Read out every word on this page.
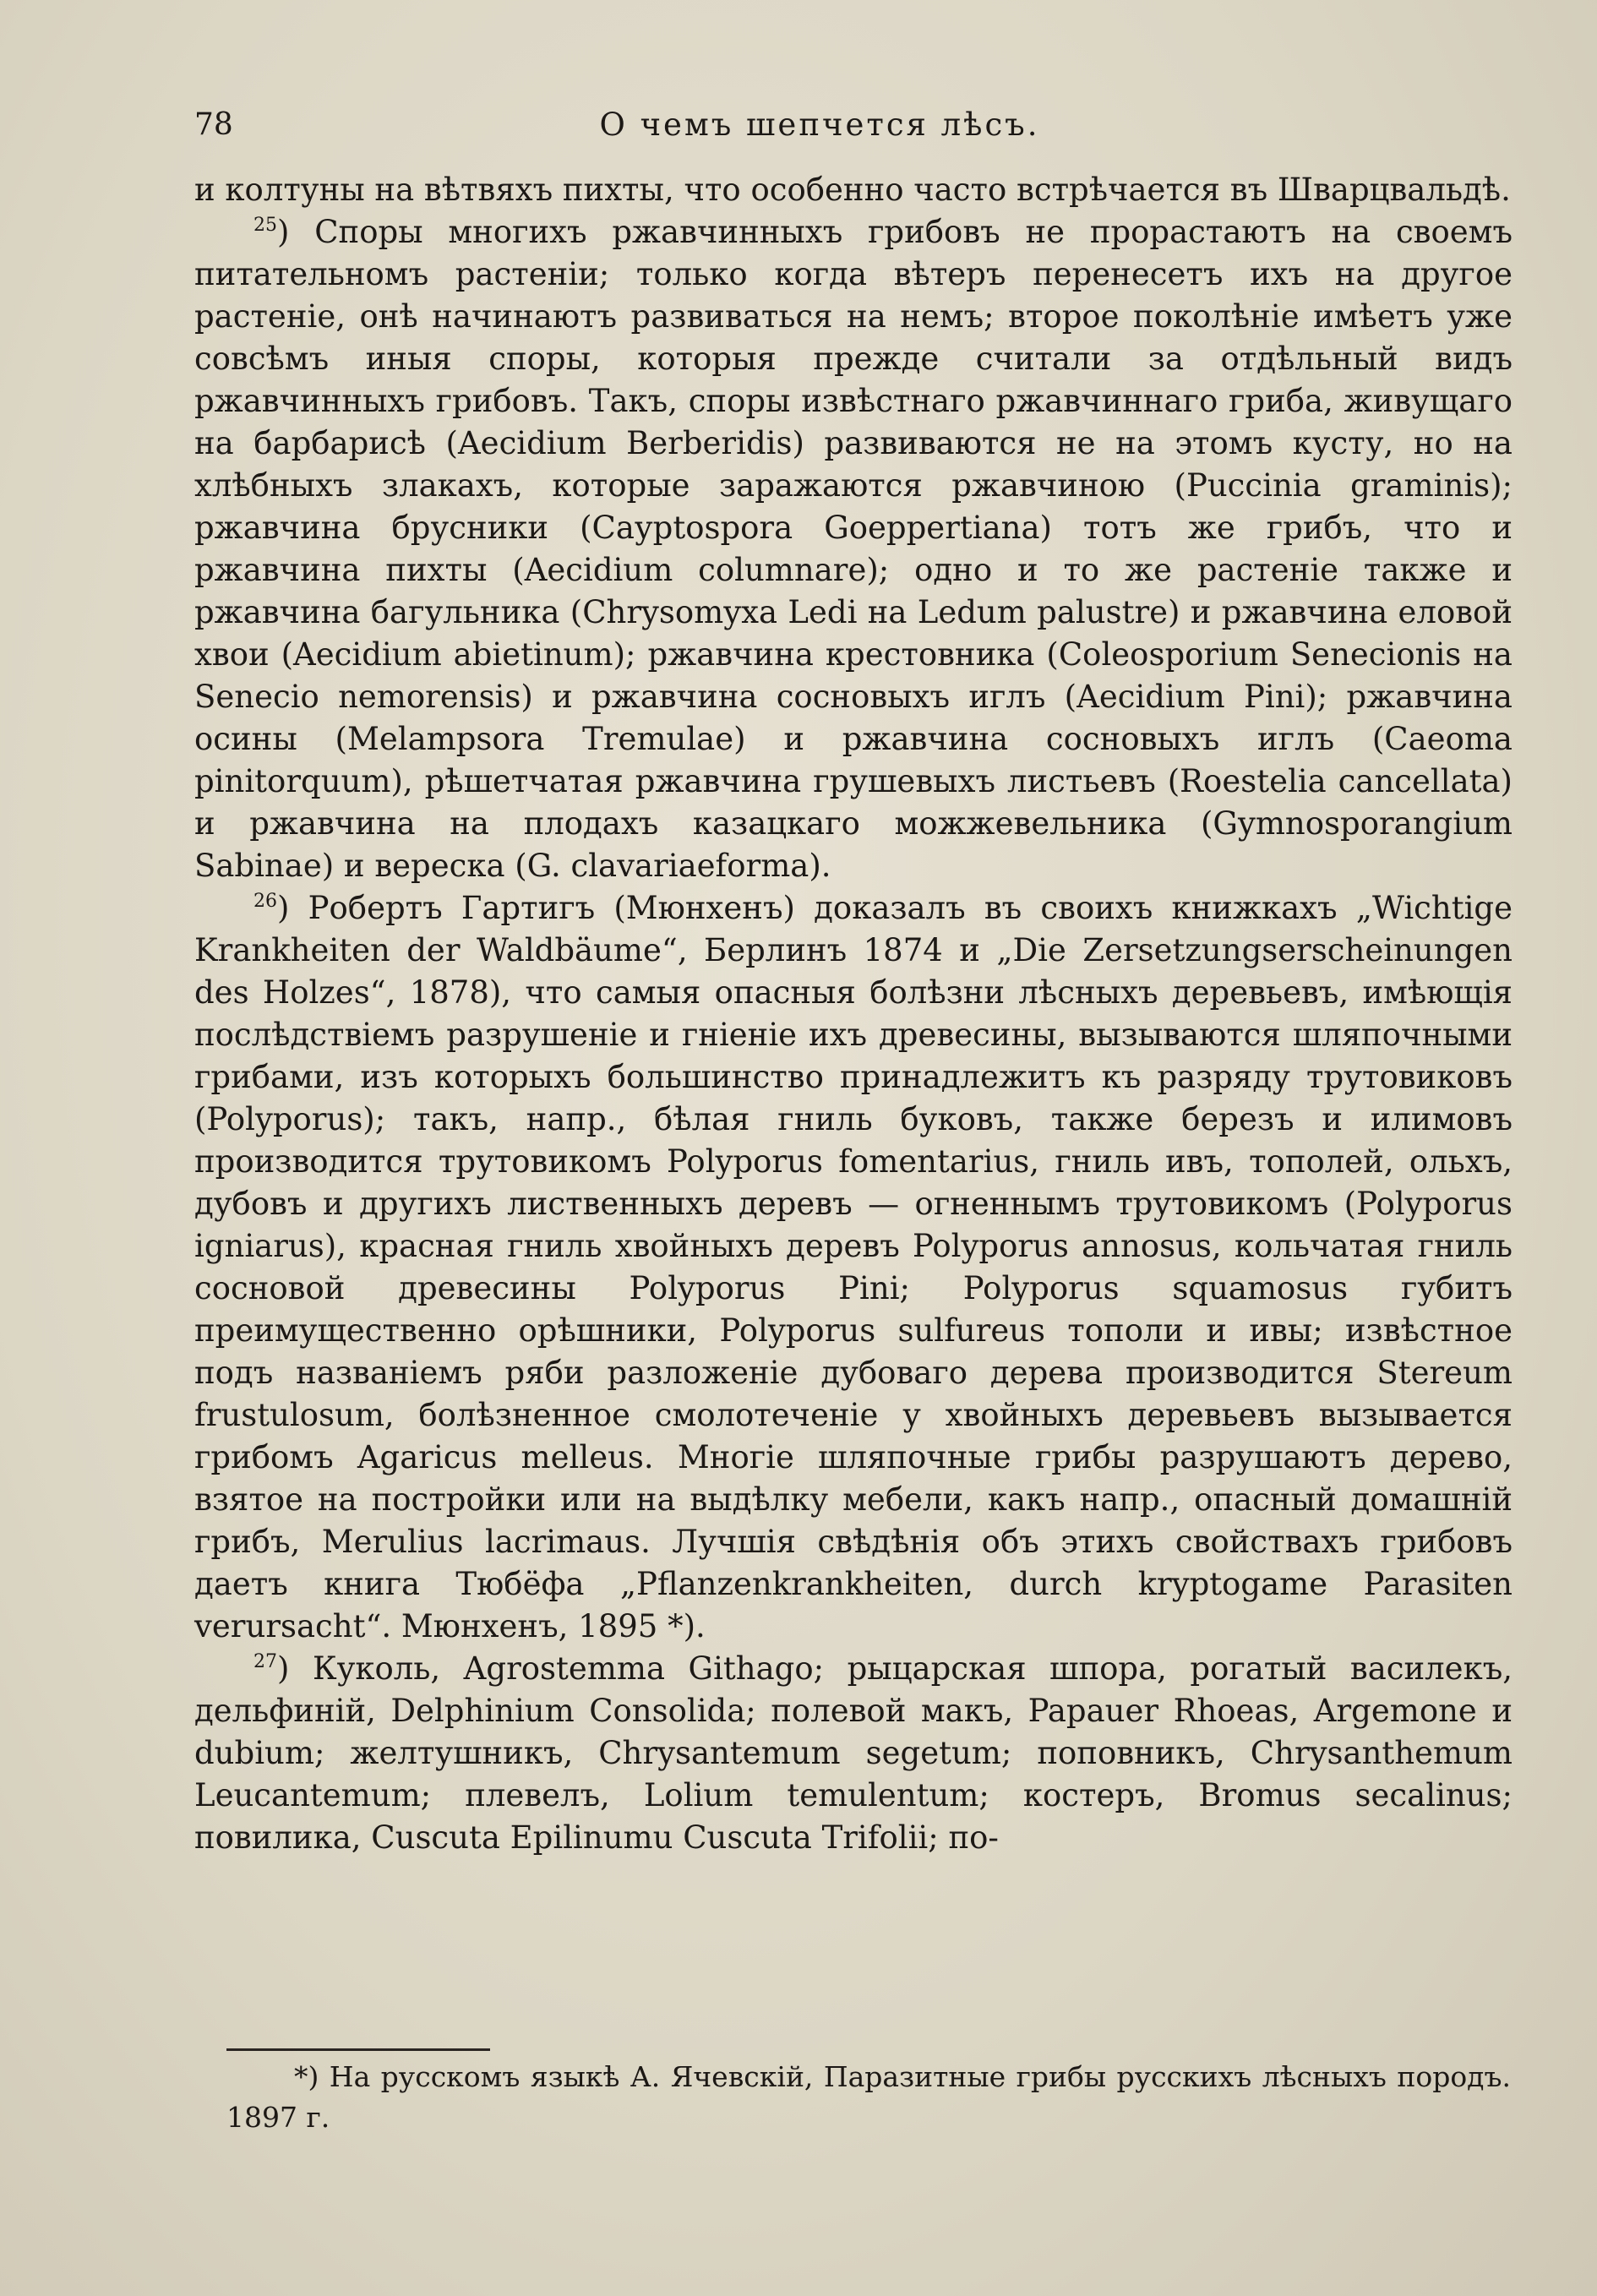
78	О чемъ шепчется лѣсъ.

и колтуны на вѣтвяхъ пихты, что особенно часто встрѣчается въ Шварцвальдѣ.

$^{25}$) Споры многихъ ржавчинныхъ грибовъ не прорастаютъ на своемъ питательномъ растенiи; только когда вѣтеръ перенесетъ ихъ на другое растенiе, онѣ начинаютъ развиваться на немъ; второе поколѣнiе имѣетъ уже совсѣмъ иныя споры, которыя прежде считали за отдѣльный видъ ржавчинныхъ грибовъ. Такъ, споры извѣстнаго ржавчиннаго гриба, живущаго на барбарисѣ (Aecidium Berberidis) развиваются не на этомъ кусту, но на хлѣбныхъ злакахъ, которые заражаются ржавчиною (Puccinia graminis); ржавчина брусники (Caуptospora Goeppertiana) тотъ же грибъ, что и ржавчина пихты (Aecidium columnare); одно и то же растенiе также и ржавчина багульника (Chrysomyxa Ledi на Ledum palustre) и ржавчина еловой хвои (Aecidium abietinum); ржавчина крестовника (Coleosporium Senecionis на Senecio nemorensis) и ржавчина сосновыхъ иглъ (Aecidium Pini); ржавчина осины (Melampsora Tremulae) и ржавчина сосновыхъ иглъ (Caeoma pinitorquum), рѣшетчатая ржавчина грушевыхъ листьевъ (Roestelia cancellata) и ржавчина на плодахъ казацкаго можжевельника (Gymnosporangium Sabinae) и вереска (G. clavariaeforma).

$^{26}$) Робертъ Гартигъ (Мюнхенъ) доказалъ въ своихъ книжкахъ „Wichtige Krankheiten der Waldbäume“, Берлинъ 1874 и „Die Zersetzungserscheinungen des Holzes“, 1878), что самыя опасныя болѣзни лѣсныхъ деревьевъ, имѣющiя послѣдствiемъ разрушенiе и гнiенiе ихъ древесины, вызываются шляпочными грибами, изъ которыхъ большинство принадлежитъ къ разряду трутовиковъ (Polyporus); такъ, напр., бѣлая гниль буковъ, также березъ и илимовъ производится трутовикомъ Polyporus fomentarius, гниль ивъ, тополей, ольхъ, дубовъ и другихъ лиственныхъ деревъ — огненнымъ трутовикомъ (Polyporus igniarus), красная гниль хвойныхъ деревъ Polyporus annosus, кольчатая гниль сосновой древесины Polyporus Pini; Polyporus squamosus губитъ преимущественно орѣшники, Polyporus sulfureus тополи и ивы; извѣстное подъ названiемъ ряби разложенiе дубоваго дерева производится Stereum frustulosum, болѣзненное смолотеченiе у хвойныхъ деревьевъ вызывается грибомъ Agaricus melleus. Многiе шляпочные грибы разрушаютъ дерево, взятое на постройки или на выдѣлку мебели, какъ напр., опасный домашнiй грибъ, Merulius lacrimaus. Лучшiя свѣдѣнiя объ этихъ свойствахъ грибовъ даетъ книга Тюбёфа „Pflanzenkrankheiten, durch kryptogame Parasiten verursacht“. Мюнхенъ, 1895 *).

$^{27}$) Куколь, Agrostemma Githago; рыцарская шпора, рогатый василекъ, дельфинiй, Delphinium Consolida; полевой макъ, Papauer Rhoeas, Argemone и dubium; желтушникъ, Chrysantemum segetum; поповникъ, Chrysanthemum Leucantemum; плевелъ, Lolium temulentum; костеръ, Bromus secalinus; повилика, Cuscuta Epilinumu Cuscuta Trifolii; по-

*) На русскомъ языкѣ А. Ячевскiй, Паразитные грибы русскихъ лѣсныхъ породъ. 1897 г.
